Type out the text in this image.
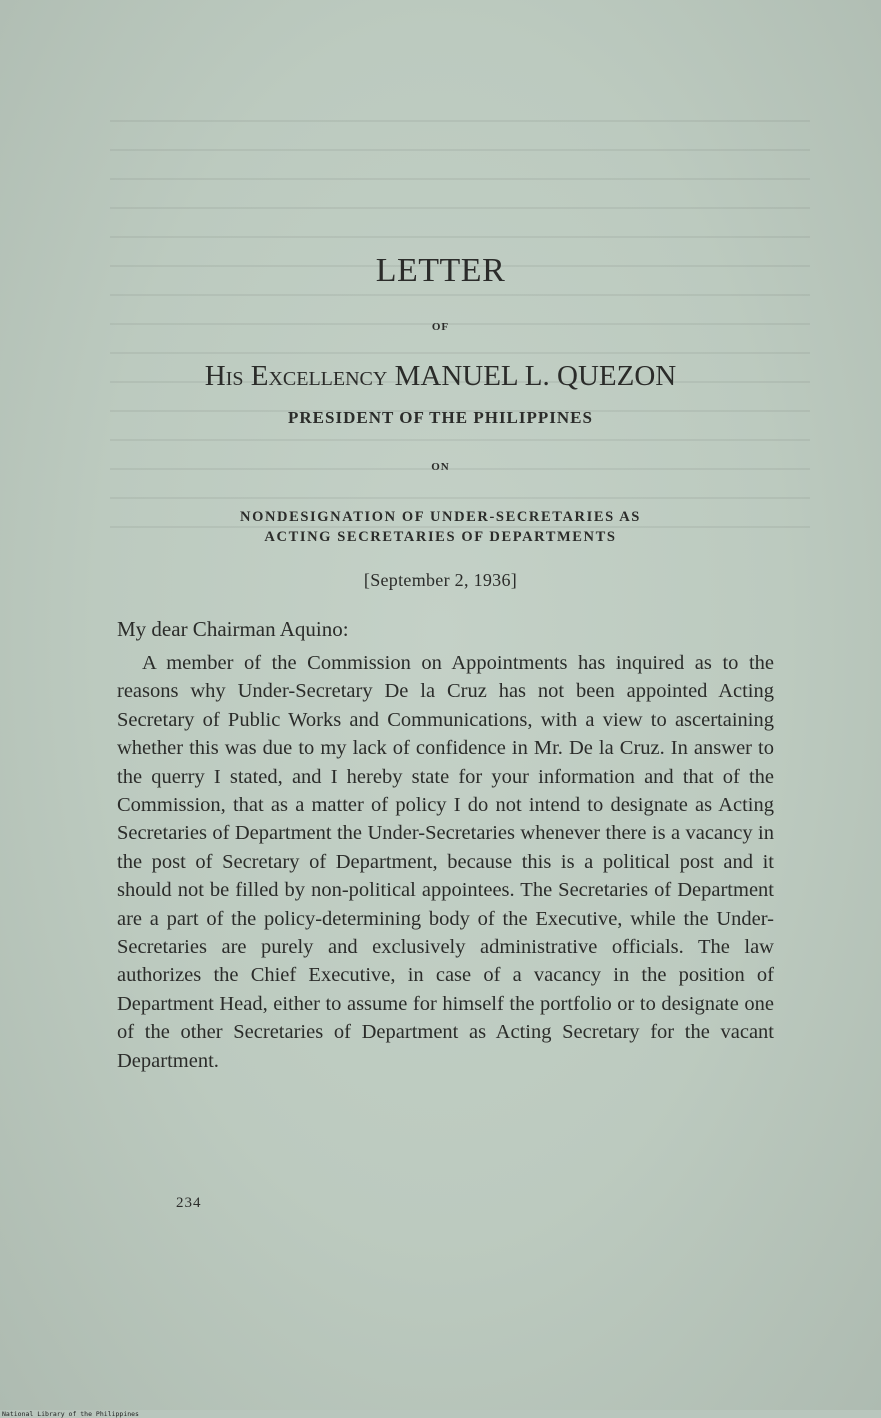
LETTER
OF
His Excellency MANUEL L. QUEZON
PRESIDENT OF THE PHILIPPINES
ON
NONDESIGNATION OF UNDER-SECRETARIES AS
ACTING SECRETARIES OF DEPARTMENTS
[September 2, 1936]
My dear Chairman Aquino:
A member of the Commission on Appointments has inquired as to the reasons why Under-Secretary De la Cruz has not been appointed Acting Secretary of Public Works and Communications, with a view to ascertaining whether this was due to my lack of confidence in Mr. De la Cruz. In answer to the querry I stated, and I hereby state for your information and that of the Commission, that as a matter of policy I do not intend to designate as Acting Secretaries of Department the Under-Secretaries whenever there is a vacancy in the post of Secretary of Department, because this is a political post and it should not be filled by non-political appointees. The Secretaries of Department are a part of the policy-determining body of the Executive, while the Under-Secretaries are purely and exclusively administrative officials. The law authorizes the Chief Executive, in case of a vacancy in the position of Department Head, either to assume for himself the portfolio or to designate one of the other Secretaries of Department as Acting Secretary for the vacant Department.
234
National Library of the Philippines
